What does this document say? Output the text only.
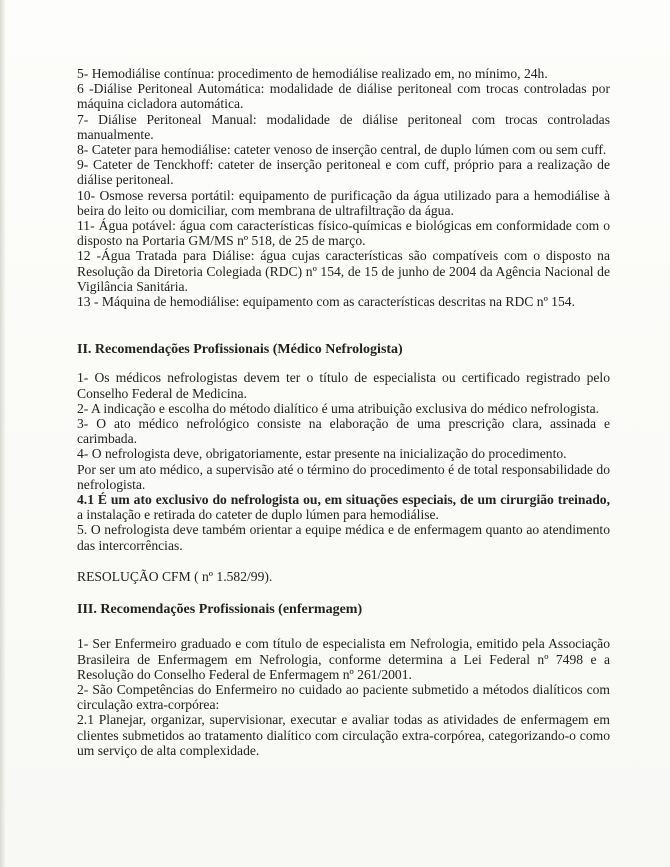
5- Hemodiálise contínua: procedimento de hemodiálise realizado em, no mínimo, 24h.

6 -Diálise Peritoneal Automática: modalidade de diálise peritoneal com trocas controladas por máquina cicladora automática.

7- Diálise Peritoneal Manual: modalidade de diálise peritoneal com trocas controladas manualmente.

8- Cateter para hemodiálise: cateter venoso de inserção central, de duplo lúmen com ou sem cuff.

9- Cateter de Tenckhoff: cateter de inserção peritoneal e com cuff, próprio para a realização de diálise peritoneal.

10- Osmose reversa portátil: equipamento de purificação da água utilizado para a hemodiálise à beira do leito ou domiciliar, com membrana de ultrafiltração da água.

11- Água potável: água com características físico-químicas e biológicas em conformidade com o disposto na Portaria GM/MS nº 518, de 25 de março.

12 -Água Tratada para Diálise: água cujas características são compatíveis com o disposto na Resolução da Diretoria Colegiada (RDC) nº 154, de 15 de junho de 2004 da Agência Nacional de Vigilância Sanitária.

13 - Máquina de hemodiálise: equipamento com as características descritas na RDC nº 154.

II. Recomendações Profissionais (Médico Nefrologista)

1- Os médicos nefrologistas devem ter o título de especialista ou certificado registrado pelo Conselho Federal de Medicina.

2- A indicação e escolha do método dialítico é uma atribuição exclusiva do médico nefrologista.

3- O ato médico nefrológico consiste na elaboração de uma prescrição clara, assinada e carimbada.

4- O nefrologista deve, obrigatoriamente, estar presente na inicialização do procedimento.

Por ser um ato médico, a supervisão até o término do procedimento é de total responsabilidade do nefrologista.

4.1 É um ato exclusivo do nefrologista ou, em situações especiais, de um cirurgião treinado, a instalação e retirada do cateter de duplo lúmen para hemodiálise.

5. O nefrologista deve também orientar a equipe médica e de enfermagem quanto ao atendimento das intercorrências.

RESOLUÇÃO CFM ( nº 1.582/99).

III. Recomendações Profissionais (enfermagem)

1- Ser Enfermeiro graduado e com título de especialista em Nefrologia, emitido pela Associação Brasileira de Enfermagem em Nefrologia, conforme determina a Lei Federal nº 7498 e a Resolução do Conselho Federal de Enfermagem nº 261/2001.

2- São Competências do Enfermeiro no cuidado ao paciente submetido a métodos dialíticos com circulação extra-corpórea:

2.1 Planejar, organizar, supervisionar, executar e avaliar todas as atividades de enfermagem em clientes submetidos ao tratamento dialítico com circulação extra-corpórea, categorizando-o como um serviço de alta complexidade.
